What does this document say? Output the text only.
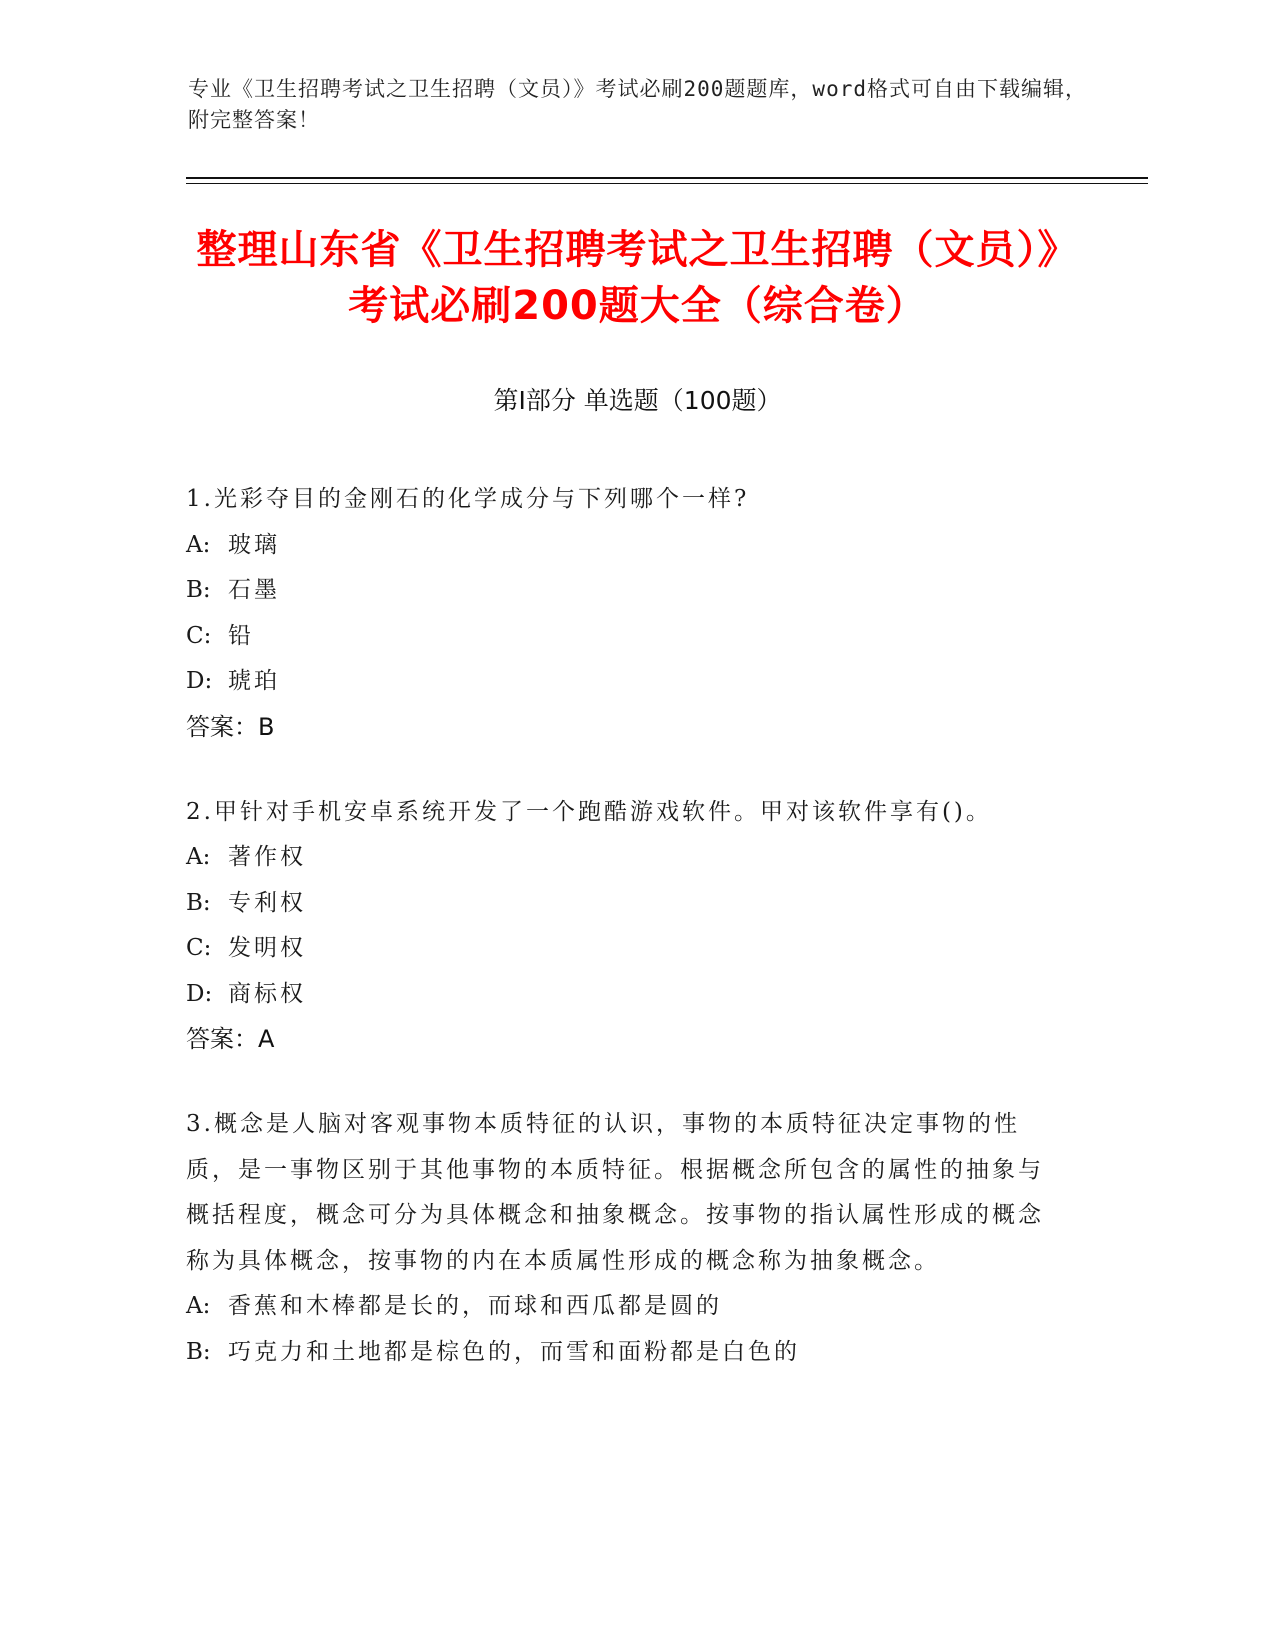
专业《卫生招聘考试之卫生招聘（文员）》考试必刷200题题库，word格式可自由下载编辑，附完整答案！
整理山东省《卫生招聘考试之卫生招聘（文员）》考试必刷200题大全（综合卷）
第I部分 单选题（100题）
1.光彩夺目的金刚石的化学成分与下列哪个一样?
A: 玻璃
B: 石墨
C: 铅
D: 琥珀
答案：B
2.甲针对手机安卓系统开发了一个跑酷游戏软件。甲对该软件享有()。
A: 著作权
B: 专利权
C: 发明权
D: 商标权
答案：A
3.概念是人脑对客观事物本质特征的认识，事物的本质特征决定事物的性质，是一事物区别于其他事物的本质特征。根据概念所包含的属性的抽象与概括程度，概念可分为具体概念和抽象概念。按事物的指认属性形成的概念称为具体概念，按事物的内在本质属性形成的概念称为抽象概念。
A: 香蕉和木棒都是长的，而球和西瓜都是圆的
B: 巧克力和土地都是棕色的，而雪和面粉都是白色的
